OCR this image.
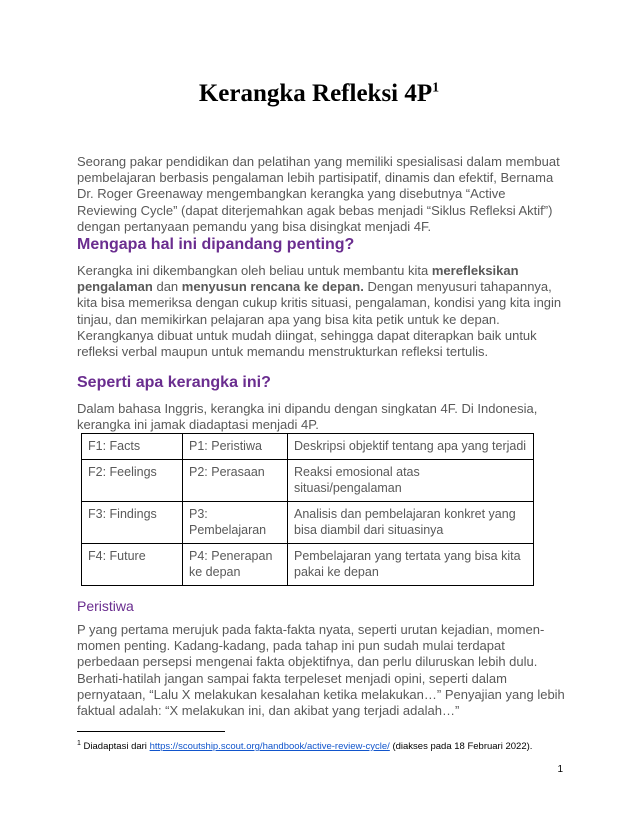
Kerangka Refleksi $4P^1$
Seorang pakar pendidikan dan pelatihan yang memiliki spesialisasi dalam membuat pembelajaran berbasis pengalaman lebih partisipatif, dinamis dan efektif, Bernama Dr. Roger Greenaway mengembangkan kerangka yang disebutnya “Active Reviewing Cycle” (dapat diterjemahkan agak bebas menjadi “Siklus Refleksi Aktif”) dengan pertanyaan pemandu yang bisa disingkat menjadi 4F.
Mengapa hal ini dipandang penting?
Kerangka ini dikembangkan oleh beliau untuk membantu kita merefleksikan pengalaman dan menyusun rencana ke depan. Dengan menyusuri tahapannya, kita bisa memeriksa dengan cukup kritis situasi, pengalaman, kondisi yang kita ingin tinjau, dan memikirkan pelajaran apa yang bisa kita petik untuk ke depan. Kerangkanya dibuat untuk mudah diingat, sehingga dapat diterapkan baik untuk refleksi verbal maupun untuk memandu menstrukturkan refleksi tertulis.
Seperti apa kerangka ini?
Dalam bahasa Inggris, kerangka ini dipandu dengan singkatan 4F. Di Indonesia, kerangka ini jamak diadaptasi menjadi 4P.
F1: Facts	P1: Peristiwa	Deskripsi objektif tentang apa yang terjadi
F2: Feelings	P2: Perasaan	Reaksi emosional atas situasi/pengalaman
F3: Findings	P3: Pembelajaran	Analisis dan pembelajaran konkret yang bisa diambil dari situasinya
F4: Future	P4: Penerapan ke depan	Pembelajaran yang tertata yang bisa kita pakai ke depan
Peristiwa
P yang pertama merujuk pada fakta-fakta nyata, seperti urutan kejadian, momen-momen penting. Kadang-kadang, pada tahap ini pun sudah mulai terdapat perbedaan persepsi mengenai fakta objektifnya, dan perlu diluruskan lebih dulu. Berhati-hatilah jangan sampai fakta terpeleset menjadi opini, seperti dalam pernyataan, “Lalu X melakukan kesalahan ketika melakukan…” Penyajian yang lebih faktual adalah: “X melakukan ini, dan akibat yang terjadi adalah…”
$^1$ Diadaptasi dari https://scoutship.scout.org/handbook/active-review-cycle/ (diakses pada 18 Februari 2022).
1
